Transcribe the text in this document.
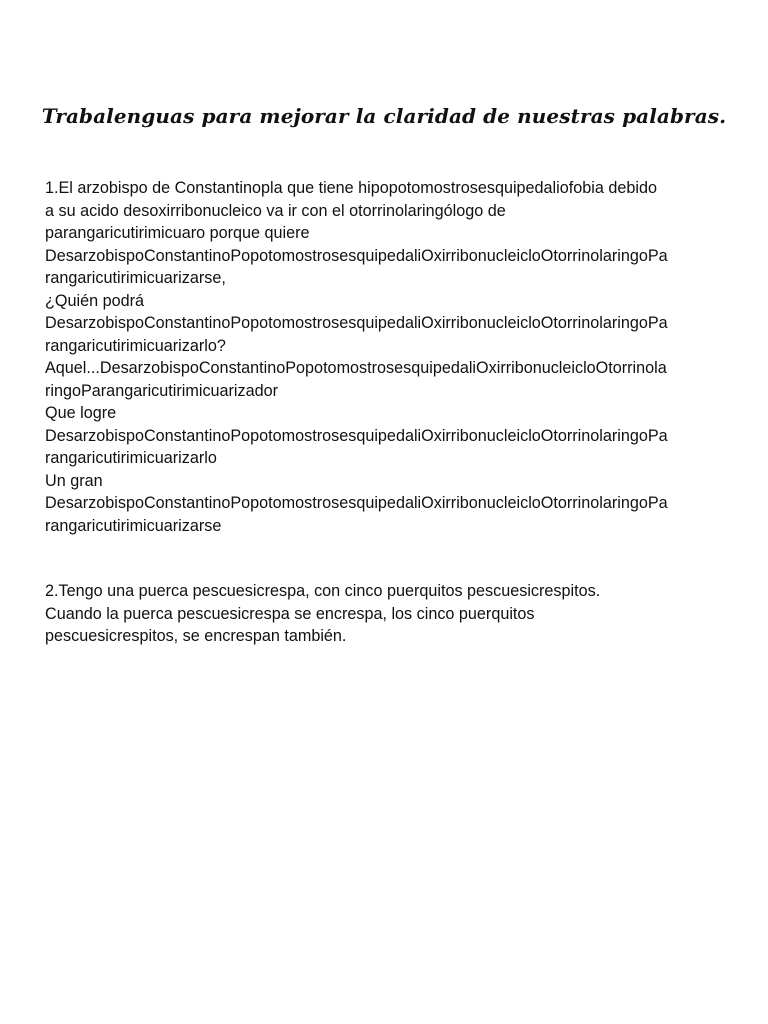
Trabalenguas para mejorar la claridad de nuestras palabras.
1.El arzobispo de Constantinopla que tiene hipopotomostrosesquipedaliofobia debido
a su acido desoxirribonucleico va ir con el otorrinolaringólogo de
parangaricutirimicuaro porque quiere
DesarzobispoConstantinoPopotomostrosesquipedaliOxirribonucleicloOtorrinolaringoPa
rangaricutirimicuarizarse,
¿Quién podrá
DesarzobispoConstantinoPopotomostrosesquipedaliOxirribonucleicloOtorrinolaringoPa
rangaricutirimicuarizarlo?
Aquel...DesarzobispoConstantinoPopotomostrosesquipedaliOxirribonucleicloOtorrinola
ringoParangaricutirimicuarizador
Que logre
DesarzobispoConstantinoPopotomostrosesquipedaliOxirribonucleicloOtorrinolaringoPa
rangaricutirimicuarizarlo
Un gran
DesarzobispoConstantinoPopotomostrosesquipedaliOxirribonucleicloOtorrinolaringoPa
rangaricutirimicuarizarse
2.Tengo una puerca pescuesicrespa, con cinco puerquitos pescuesicrespitos.
Cuando la puerca pescuesicrespa se encrespa, los cinco puerquitos
pescuesicrespitos, se encrespan también.
